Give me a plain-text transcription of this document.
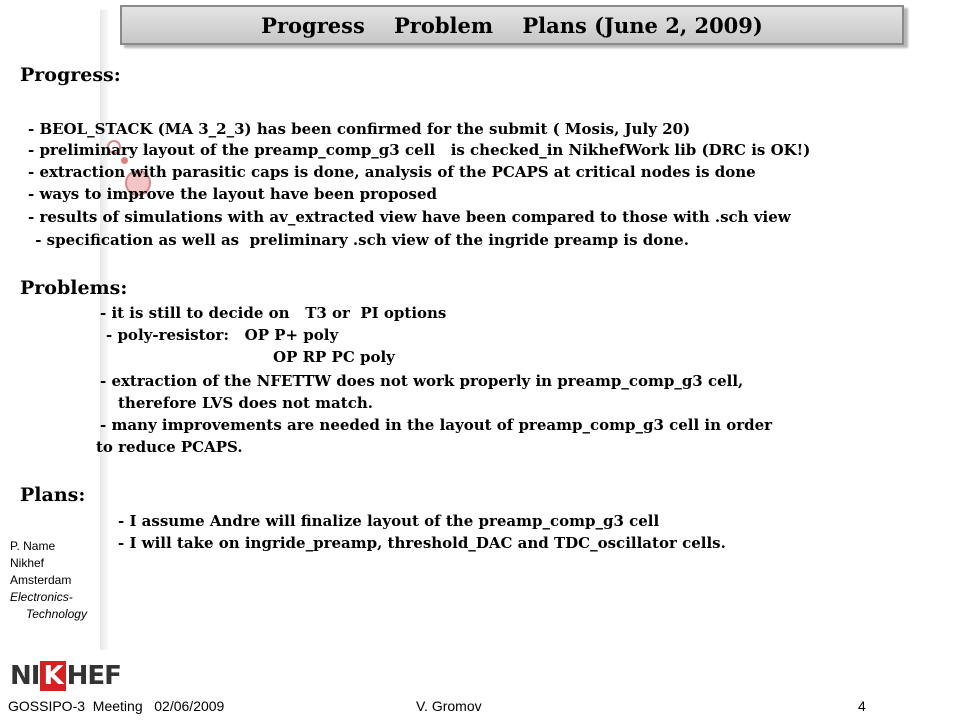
Progress    Problem    Plans (June 2, 2009)
Progress:
- BEOL_STACK (MA 3_2_3) has been confirmed for the submit ( Mosis, July 20)
- preliminary layout of the preamp_comp_g3 cell   is checked_in NikhefWork lib (DRC is OK!)
- extraction with parasitic caps is done, analysis of the PCAPS at critical nodes is done
- ways to improve the layout have been proposed
- results of simulations with av_extracted view have been compared to those with .sch view
- specification as well as  preliminary .sch view of the ingride preamp is done.
Problems:
- it is still to decide on   T3 or  PI options
- poly-resistor:   OP P+ poly
OP RP PC poly
- extraction of the NFETTW does not work properly in preamp_comp_g3 cell,
therefore LVS does not match.
- many improvements are needed in the layout of preamp_comp_g3 cell in order
to reduce PCAPS.
Plans:
- I assume Andre will finalize layout of the preamp_comp_g3 cell
- I will take on ingride_preamp, threshold_DAC and TDC_oscillator cells.
P. Name
Nikhef
Amsterdam
Electronics-
Technology
NI K HEF
GOSSIPO-3  Meeting   02/06/2009	V. Gromov	4
